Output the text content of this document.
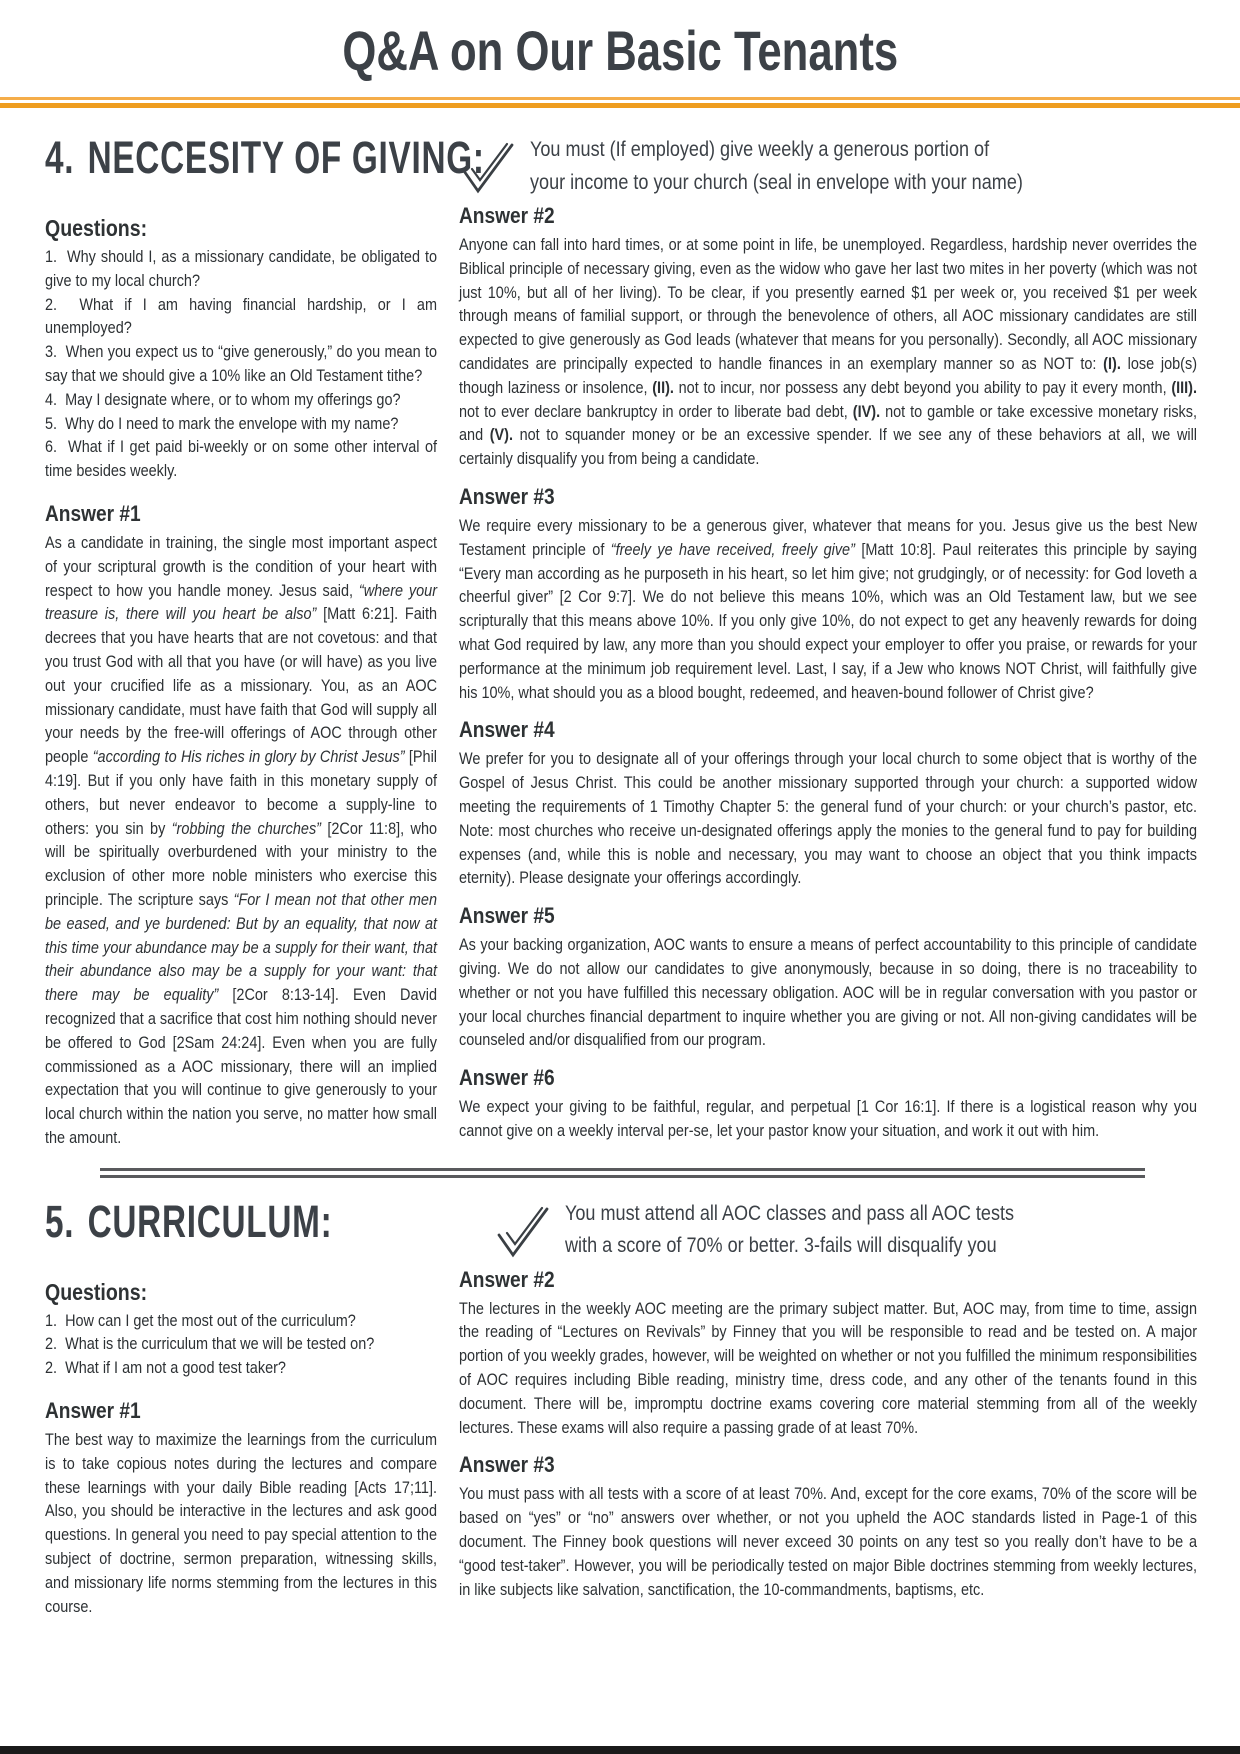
Q&A on Our Basic Tenants
4. NECCESITY OF GIVING: You must (If employed) give weekly a generous portion of
your income to your church (seal in envelope with your name)
Questions:

1.  Why should I, as a missionary candidate, be obligated to give to my local church?

2.  What if I am having financial hardship, or I am unemployed?

3.  When you expect us to “give generously,” do you mean to say that we should give a 10% like an Old Testament tithe?

4.  May I designate where, or to whom my offerings go?

5.  Why do I need to mark the envelope with my name?

6.  What if I get paid bi-weekly or on some other interval of time besides weekly.

Answer #1

As a candidate in training, the single most important aspect of your scriptural growth is the condition of your heart with respect to how you handle money. Jesus said, “where your treasure is, there will you heart be also” [Matt 6:21]. Faith decrees that you have hearts that are not covetous: and that you trust God with all that you have (or will have) as you live out your crucified life as a missionary. You, as an AOC missionary candidate, must have faith that God will supply all your needs by the free-will offerings of AOC through other people “according to His riches in glory by Christ Jesus” [Phil 4:19]. But if you only have faith in this monetary supply of others, but never endeavor to become a supply-line to others: you sin by “robbing the churches” [2Cor 11:8], who will be spiritually overburdened with your ministry to the exclusion of other more noble ministers who exercise this principle. The scripture says “For I mean not that other men be eased, and ye burdened: But by an equality, that now at this time your abundance may be a supply for their want, that their abundance also may be a supply for your want: that there may be equality” [2Cor 8:13-14]. Even David recognized that a sacrifice that cost him nothing should never be offered to God [2Sam 24:24]. Even when you are fully commissioned as a AOC missionary, there will an implied expectation that you will continue to give generously to your local church within the nation you serve, no matter how small the amount.

Answer #2

Anyone can fall into hard times, or at some point in life, be unemployed. Regardless, hardship never overrides the Biblical principle of necessary giving, even as the widow who gave her last two mites in her poverty (which was not just 10%, but all of her living). To be clear, if you presently earned $1 per week or, you received $1 per week through means of familial support, or through the benevolence of others, all AOC missionary candidates are still expected to give generously as God leads (whatever that means for you personally). Secondly, all AOC missionary candidates are principally expected to handle finances in an exemplary manner so as NOT to: (I). lose job(s) though laziness or insolence, (II). not to incur, nor possess any debt beyond you ability to pay it every month, (III). not to ever declare bankruptcy in order to liberate bad debt, (IV). not to gamble or take excessive monetary risks, and (V). not to squander money or be an excessive spender. If we see any of these behaviors at all, we will certainly disqualify you from being a candidate.

Answer #3

We require every missionary to be a generous giver, whatever that means for you. Jesus give us the best New Testament principle of “freely ye have received, freely give” [Matt 10:8]. Paul reiterates this principle by saying “Every man according as he purposeth in his heart, so let him give; not grudgingly, or of necessity: for God loveth a cheerful giver” [2 Cor 9:7]. We do not believe this means 10%, which was an Old Testament law, but we see scripturally that this means above 10%. If you only give 10%, do not expect to get any heavenly rewards for doing what God required by law, any more than you should expect your employer to offer you praise, or rewards for your performance at the minimum job requirement level. Last, I say, if a Jew who knows NOT Christ, will faithfully give his 10%, what should you as a blood bought, redeemed, and heaven-bound follower of Christ give?

Answer #4

We prefer for you to designate all of your offerings through your local church to some object that is worthy of the Gospel of Jesus Christ. This could be another missionary supported through your church: a supported widow meeting the requirements of 1 Timothy Chapter 5: the general fund of your church: or your church’s pastor, etc. Note: most churches who receive un-designated offerings apply the monies to the general fund to pay for building expenses (and, while this is noble and necessary, you may want to choose an object that you think impacts eternity). Please designate your offerings accordingly.

Answer #5

As your backing organization, AOC wants to ensure a means of perfect accountability to this principle of candidate giving. We do not allow our candidates to give anonymously, because in so doing, there is no traceability to whether or not you have fulfilled this necessary obligation. AOC will be in regular conversation with you pastor or your local churches financial department to inquire whether you are giving or not. All non-giving candidates will be counseled and/or disqualified from our program.

Answer #6

We expect your giving to be faithful, regular, and perpetual [1 Cor 16:1]. If there is a logistical reason why you cannot give on a weekly interval per-se, let your pastor know your situation, and work it out with him.

5. CURRICULUM:	You must attend all AOC classes and pass all AOC tests
with a score of 70% or better. 3-fails will disqualify you
Questions:

1.  How can I get the most out of the curriculum?

2.  What is the curriculum that we will be tested on?

2.  What if I am not a good test taker?

Answer #1

The best way to maximize the learnings from the curriculum is to take copious notes during the lectures and compare these learnings with your daily Bible reading [Acts 17;11]. Also, you should be interactive in the lectures and ask good questions. In general you need to pay special attention to the subject of doctrine, sermon preparation, witnessing skills, and missionary life norms stemming from the lectures in this course.

Answer #2

The lectures in the weekly AOC meeting are the primary subject matter. But, AOC may, from time to time, assign the reading of “Lectures on Revivals” by Finney that you will be responsible to read and be tested on. A major portion of you weekly grades, however, will be weighted on whether or not you fulfilled the minimum responsibilities of AOC requires including Bible reading, ministry time, dress code, and any other of the tenants found in this document. There will be, impromptu doctrine exams covering core material stemming from all of the weekly lectures. These exams will also require a passing grade of at least 70%.

Answer #3

You must pass with all tests with a score of at least 70%. And, except for the core exams, 70% of the score will be based on “yes” or “no” answers over whether, or not you upheld the AOC standards listed in Page-1 of this document. The Finney book questions will never exceed 30 points on any test so you really don’t have to be a “good test-taker”. However, you will be periodically tested on major Bible doctrines stemming from weekly lectures, in like subjects like salvation, sanctification, the 10-commandments, baptisms, etc.
